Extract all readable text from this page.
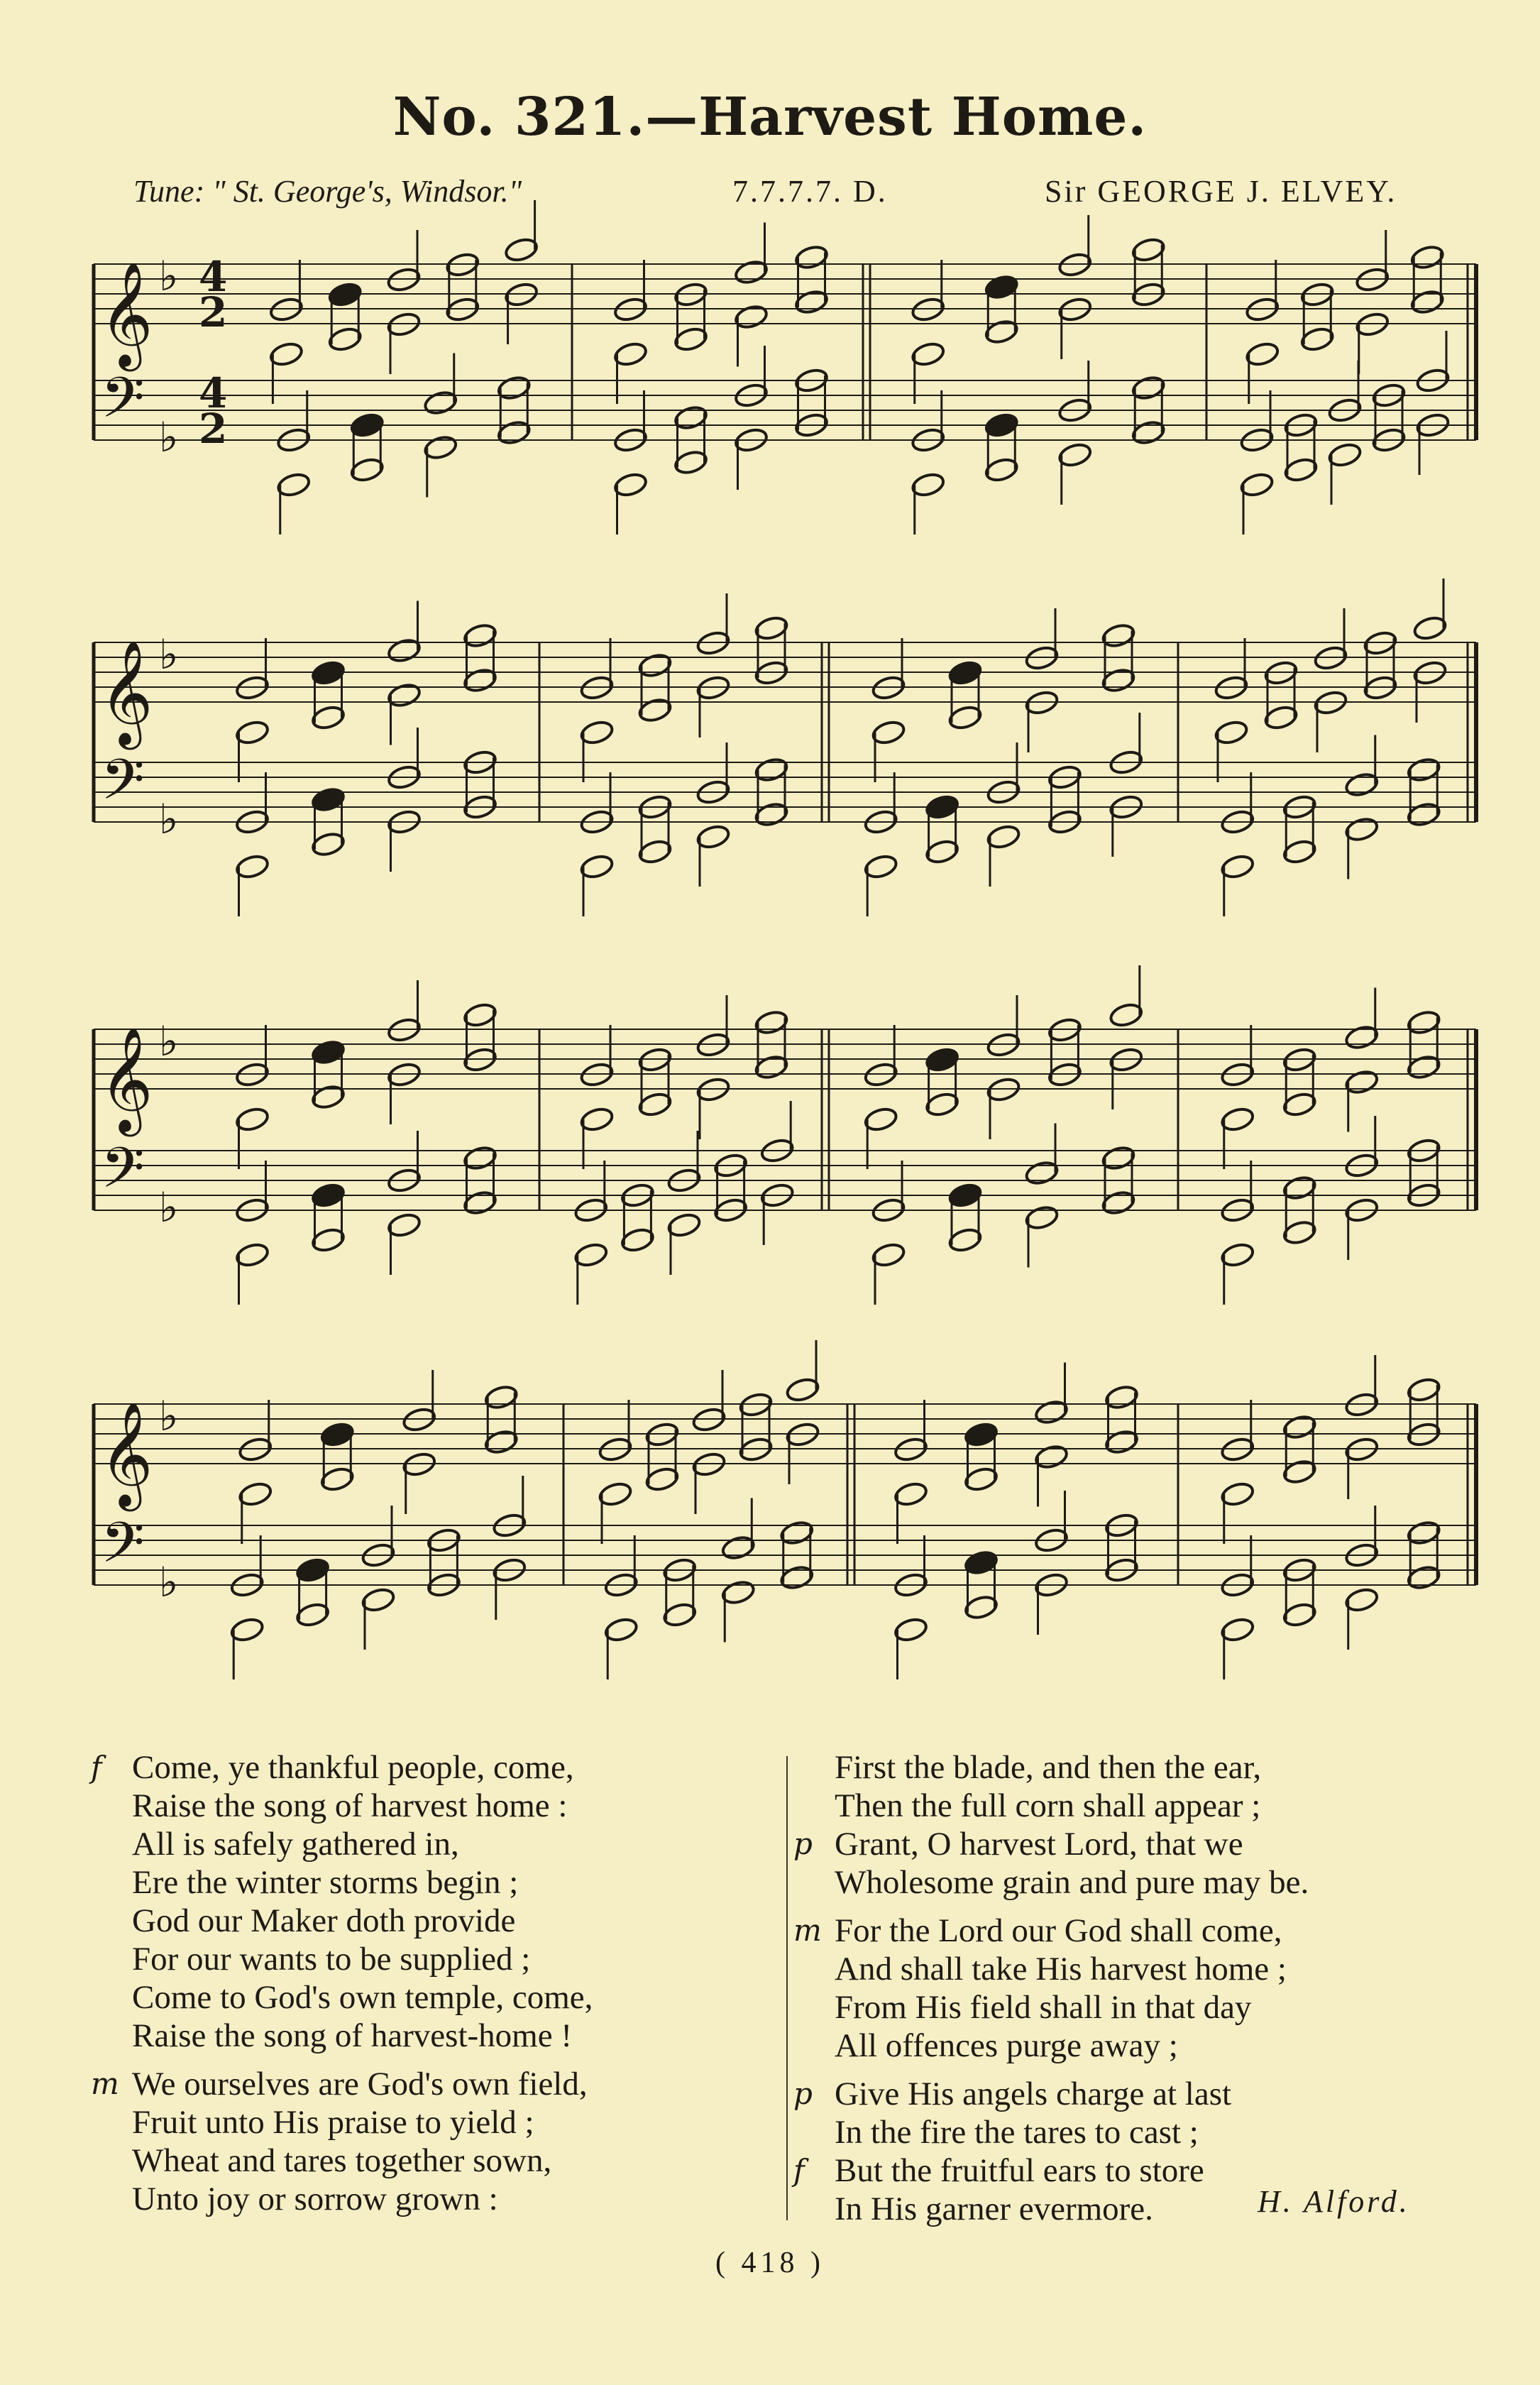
No. 321.—Harvest Home.
Tune: " St. George's, Windsor."	7.7.7.7. D.	Sir GEORGE J. ELVEY.
𝄞 ♭ 4
2
𝄢 ♭
4
2
𝄞 ♭
𝄢 ♭
𝄞 ♭
𝄢 ♭
𝄞 ♭
𝄢 ♭
f Come, ye thankful people, come,
Raise the song of harvest home :
All is safely gathered in,
Ere the winter storms begin ;
God our Maker doth provide
For our wants to be supplied ;
Come to God's own temple, come,
Raise the song of harvest-home !
m We ourselves are God's own field,
Fruit unto His praise to yield ;
Wheat and tares together sown,
Unto joy or sorrow grown :
First the blade, and then the ear,
Then the full corn shall appear ;
p Grant, O harvest Lord, that we
Wholesome grain and pure may be.
m For the Lord our God shall come,
And shall take His harvest home ;
From His field shall in that day
All offences purge away ;
p Give His angels charge at last
In the fire the tares to cast ;
f But the fruitful ears to store
In His garner evermore.	H. Alford.
( 418 )
